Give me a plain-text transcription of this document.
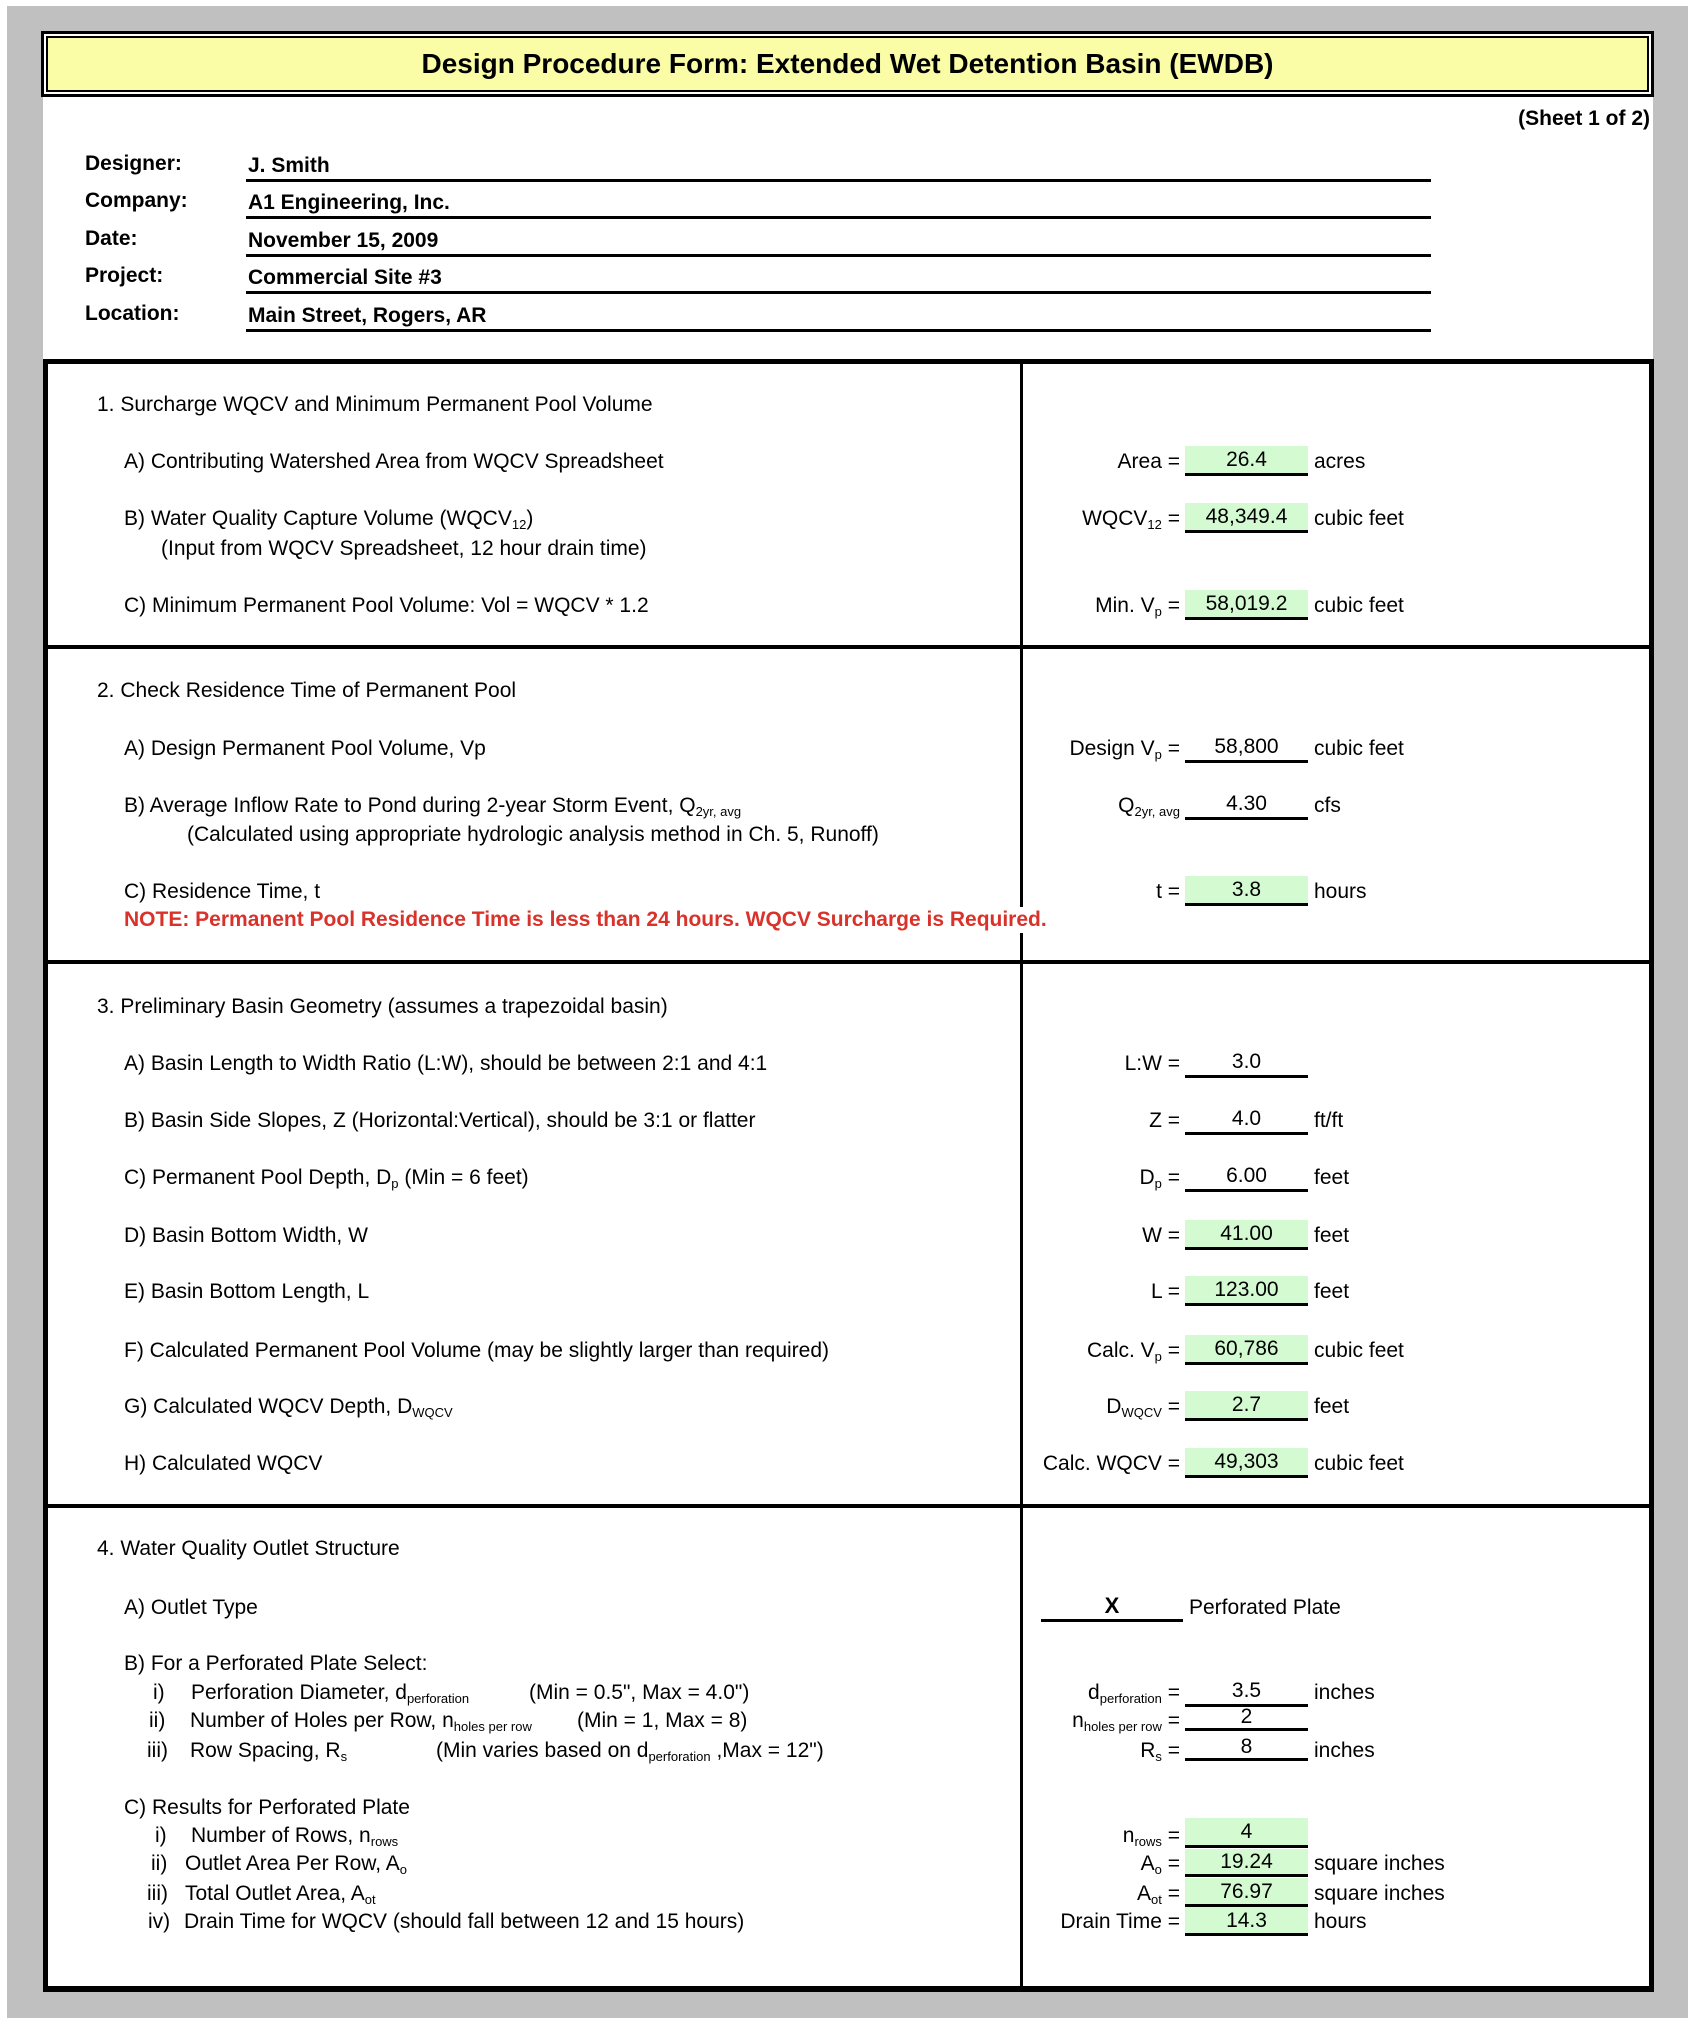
Design Procedure Form: Extended Wet Detention Basin (EWDB)
(Sheet 1 of 2)
Designer:	J. Smith
Company:	A1 Engineering, Inc.
Date:	November 15, 2009
Project:	Commercial Site #3
Location:	Main Street, Rogers, AR
1. Surcharge WQCV and Minimum Permanent Pool Volume
A) Contributing Watershed Area from WQCV Spreadsheet	Area =	26.4	acres
B) Water Quality Capture Volume $(WQCV_{12})$
(Input from WQCV Spreadsheet, 12 hour drain time)
$WQCV_{12}$ =	48,349.4	cubic feet
C) Minimum Permanent Pool Volume: Vol = WQCV * 1.2	Min. $V_p$ =	58,019.2	cubic feet
2. Check Residence Time of Permanent Pool
A) Design Permanent Pool Volume, Vp	Design $V_p$ =	58,800	cubic feet
B) Average Inflow Rate to Pond during 2-year Storm Event, $Q_{2yr, avg}$
(Calculated using appropriate hydrologic analysis method in Ch. 5, Runoff)
$Q_{2yr, avg}$	4.30	cfs
C) Residence Time, t	t =	3.8	hours
NOTE: Permanent Pool Residence Time is less than 24 hours. WQCV Surcharge is Required.
3. Preliminary Basin Geometry (assumes a trapezoidal basin)
A) Basin Length to Width Ratio (L:W), should be between 2:1 and 4:1	L:W =	3.0
B) Basin Side Slopes, Z (Horizontal:Vertical), should be 3:1 or flatter	Z =	4.0	ft/ft
C) Permanent Pool Depth, $D_p$ (Min = 6 feet)	$D_p$ =	6.00	feet
D) Basin Bottom Width, W	W =	41.00	feet
E) Basin Bottom Length, L	L =	123.00	feet
F) Calculated Permanent Pool Volume (may be slightly larger than required)	Calc. $V_p$ =	60,786	cubic feet
G) Calculated WQCV Depth, $D_{WQCV}$	$D_{WQCV}$ =	2.7	feet
H) Calculated WQCV	Calc. WQCV =	49,303	cubic feet
4. Water Quality Outlet Structure
A) Outlet Type	X	Perforated Plate
B) For a Perforated Plate Select:
i) Perforation Diameter, $d_{perforation}$	(Min = 0.5", Max = 4.0")	$d_{perforation}$ =	3.5	inches
ii) Number of Holes per Row, $n_{holes per row}$ (Min = 1, Max = 8)	$n_{holes per row}$ =	2
iii) Row Spacing, $R_s$	(Min varies based on $d_{perforation}$ ,Max = 12")	$R_s$ =	8	inches
C) Results for Perforated Plate
i) Number of Rows, $n_{rows}$	$n_{rows}$ =	4
ii) Outlet Area Per Row, $A_o$	$A_o$ =	19.24	square inches
iii) Total Outlet Area, $A_{ot}$	$A_{ot}$ =	76.97	square inches
iv) Drain Time for WQCV (should fall between 12 and 15 hours)	Drain Time =	14.3	hours
